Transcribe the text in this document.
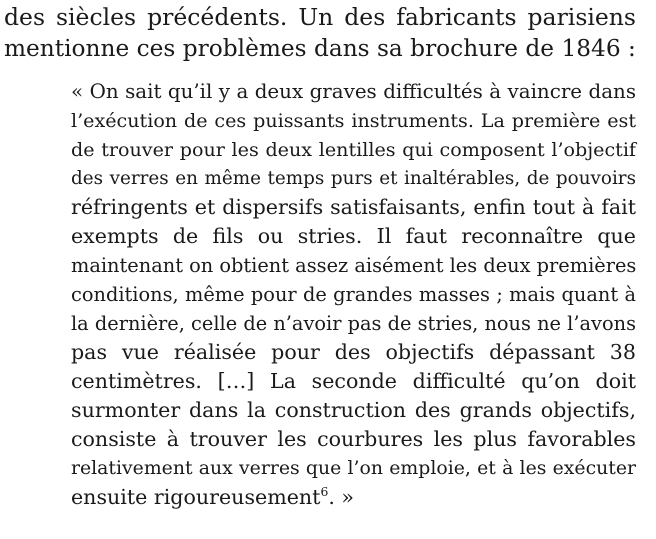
des siècles précédents. Un des fabricants parisiens
mentionne ces problèmes dans sa brochure de 1846 :
« On sait qu’il y a deux graves difficultés à vaincre dans
l’exécution de ces puissants instruments. La première est
de trouver pour les deux lentilles qui composent l’objectif
des verres en même temps purs et inaltérables, de pouvoirs
réfringents et dispersifs satisfaisants, enfin tout à fait
exempts de fils ou stries. Il faut reconnaître que
maintenant on obtient assez aisément les deux premières
conditions, même pour de grandes masses ; mais quant à
la dernière, celle de n’avoir pas de stries, nous ne l’avons
pas vue réalisée pour des objectifs dépassant 38
centimètres. […] La seconde difficulté qu’on doit
surmonter dans la construction des grands objectifs,
consiste à trouver les courbures les plus favorables
relativement aux verres que l’on emploie, et à les exécuter
ensuite rigoureusement$^6$. »
